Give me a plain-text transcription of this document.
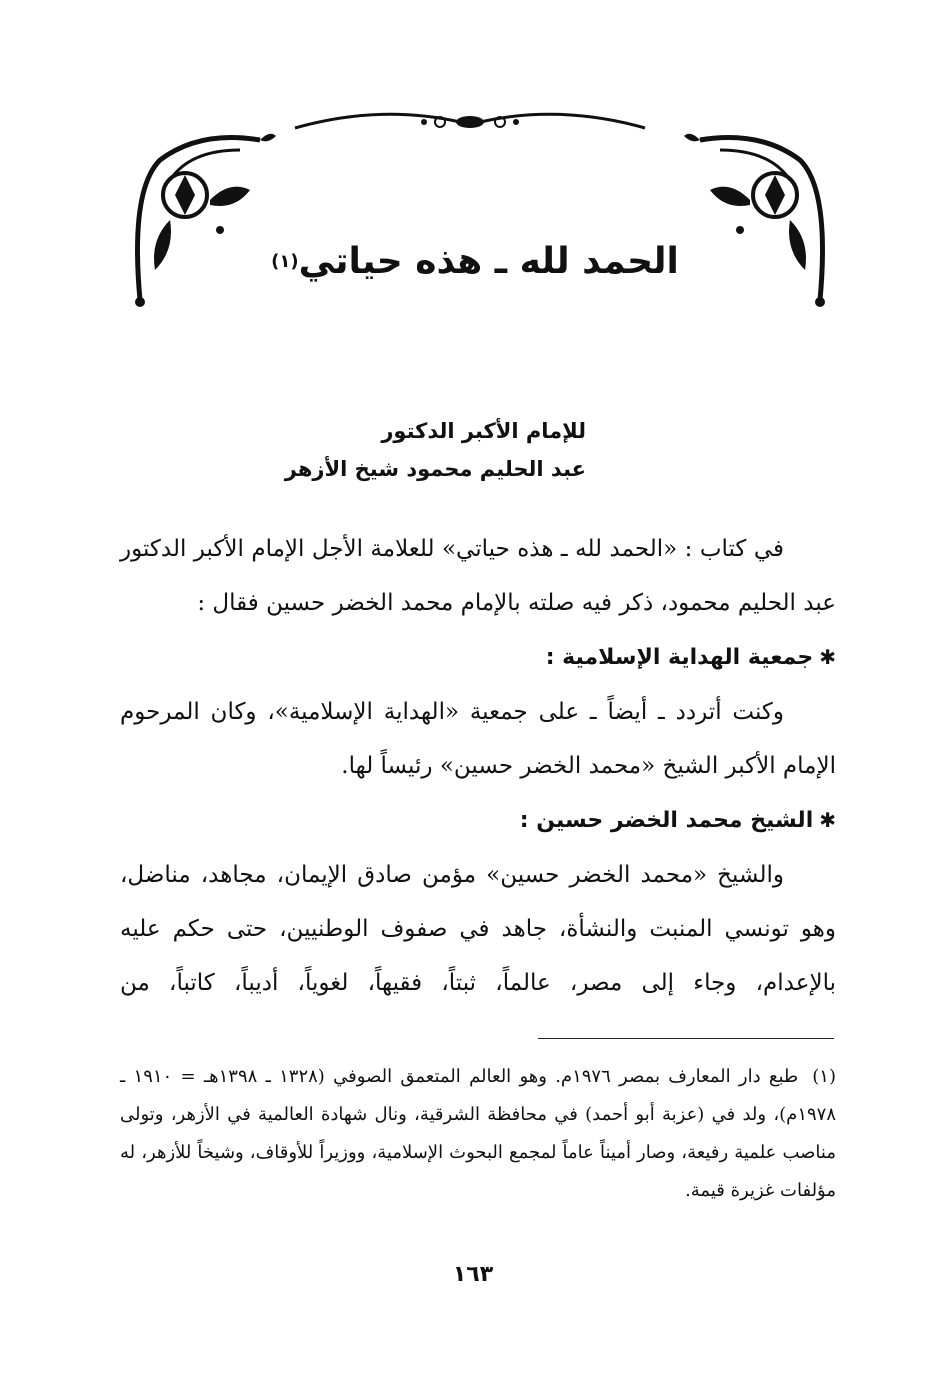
الحمد لله ـ هذه حياتي(١)
للإمام الأكبر الدكتور
عبد الحليم محمود شيخ الأزهر

في كتاب : «الحمد لله ـ هذه حياتي» للعلامة الأجل الإمام الأكبر الدكتور عبد الحليم محمود، ذكر فيه صلته بالإمام محمد الخضر حسين فقال :

✱جمعية الهداية الإسلامية :

وكنت أتردد ـ أيضاً ـ على جمعية «الهداية الإسلامية»، وكان المرحوم الإمام الأكبر الشيخ «محمد الخضر حسين» رئيساً لها.

✱الشيخ محمد الخضر حسين :

والشيخ «محمد الخضر حسين» مؤمن صادق الإيمان، مجاهد، مناضل، وهو تونسي المنبت والنشأة، جاهد في صفوف الوطنيين، حتى حكم عليه بالإعدام، وجاء إلى مصر، عالماً، ثبتاً، فقيهاً، لغوياً، أديباً، كاتباً، من

(١)طبع دار المعارف بمصر ١٩٧٦م. وهو العالم المتعمق الصوفي (١٣٢٨ ـ ١٣٩٨هـ = ١٩١٠ ـ ١٩٧٨م)، ولد في (عزبة أبو أحمد) في محافظة الشرقية، ونال شهادة العالمية في الأزهر، وتولى مناصب علمية رفيعة، وصار أميناً عاماً لمجمع البحوث الإسلامية، ووزيراً للأوقاف، وشيخاً للأزهر، له مؤلفات غزيرة قيمة.

١٦٣
